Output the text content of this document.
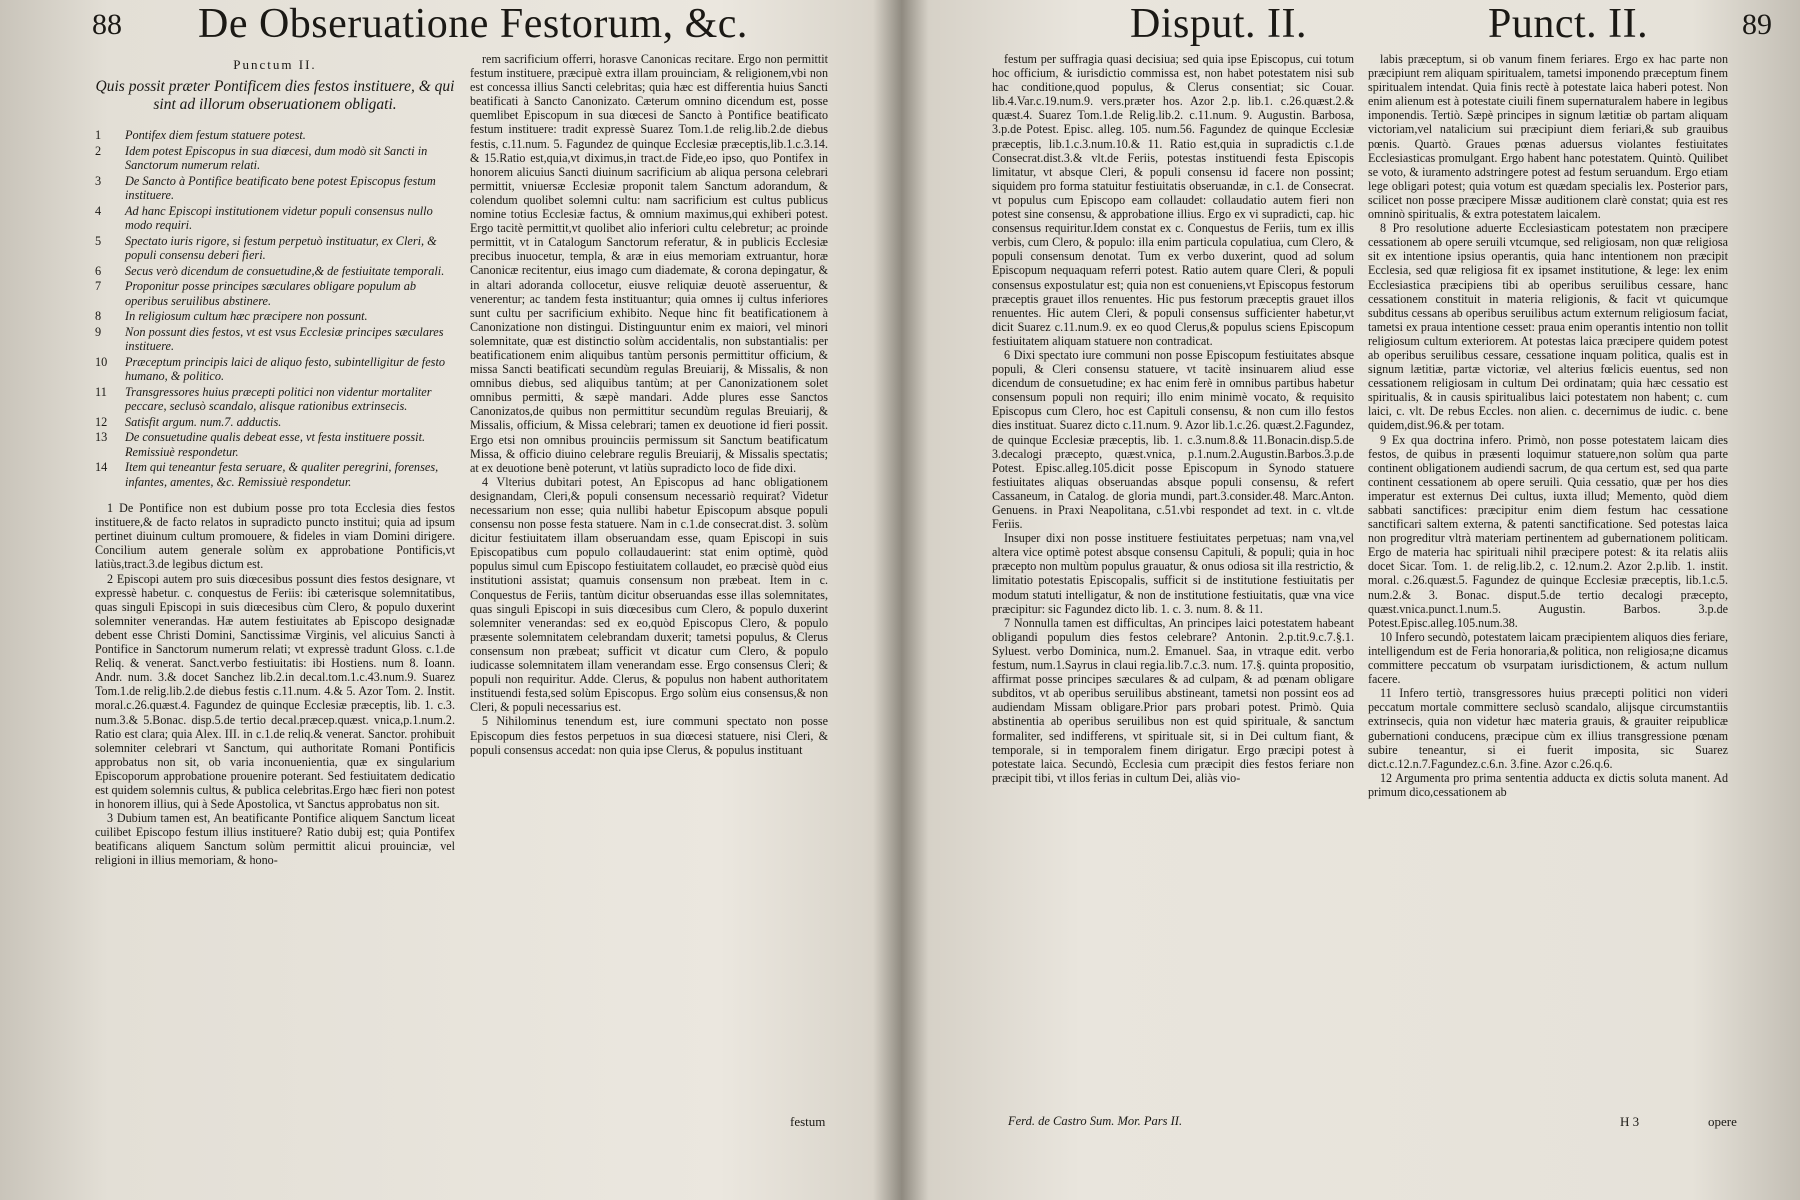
88 De Obseruatione Festorum, &c.
Punctum II.
Quis possit præter Pontificem dies festos instituere, & qui sint ad illorum obseruationem obligati.
1	Pontifex diem festum statuere potest.
2	Idem potest Episcopus in sua diœcesi, dum modò sit Sancti in Sanctorum numerum relati.
3	De Sancto à Pontifice beatificato bene potest Episcopus festum instituere.
4	Ad hanc Episcopi institutionem videtur populi consensus nullo modo requiri.
5	Spectato iuris rigore, si festum perpetuò instituatur, ex Cleri, & populi consensu deberi fieri.
6	Secus verò dicendum de consuetudine,& de festiuitate temporali.
7	Proponitur posse principes sæculares obligare populum ab operibus seruilibus abstinere.
8	In religiosum cultum hæc præcipere non possunt.
9	Non possunt dies festos, vt est vsus Ecclesiæ principes sæculares instituere.
10	Præceptum principis laici de aliquo festo, subintelligitur de festo humano, & politico.
11	Transgressores huius præcepti politici non videntur mortaliter peccare, seclusò scandalo, alisque rationibus extrinsecis.
12	Satisfit argum. num.7. adductis.
13	De consuetudine qualis debeat esse, vt festa instituere possit. Remissiuè respondetur.
14	Item qui teneantur festa seruare, & qualiter peregrini, forenses, infantes, amentes, &c. Remissiuè respondetur.

1 De Pontifice non est dubium posse pro tota Ecclesia dies festos instituere,& de facto relatos in supradicto puncto institui; quia ad ipsum pertinet diuinum cultum promouere, & fideles in viam Domini dirigere. Concilium autem generale solùm ex approbatione Pontificis,vt latiùs,tract.3.de legibus dictum est.

2 Episcopi autem pro suis diœcesibus possunt dies festos designare, vt expressè habetur. c. conquestus de Feriis: ibi cæterisque solemnitatibus, quas singuli Episcopi in suis diœcesibus cùm Clero, & populo duxerint solemniter venerandas. Hæ autem festiuitates ab Episcopo designadæ debent esse Christi Domini, Sanctissimæ Virginis, vel alicuius Sancti à Pontifice in Sanctorum numerum relati; vt expressè tradunt Gloss. c.1.de Reliq. & venerat. Sanct.verbo festiuitatis: ibi Hostiens. num 8. Ioann. Andr. num. 3.& docet Sanchez lib.2.in decal.tom.1.c.43.num.9. Suarez Tom.1.de relig.lib.2.de diebus festis c.11.num. 4.& 5. Azor Tom. 2. Instit. moral.c.26.quæst.4. Fagundez de quinque Ecclesiæ præceptis, lib. 1. c.3. num.3.& 5.Bonac. disp.5.de tertio decal.præcep.quæst. vnica,p.1.num.2. Ratio est clara; quia Alex. III. in c.1.de reliq.& venerat. Sanctor. prohibuit solemniter celebrari vt Sanctum, qui authoritate Romani Pontificis approbatus non sit, ob varia inconuenientia, quæ ex singularium Episcoporum approbatione prouenire poterant. Sed festiuitatem dedicatio est quidem solemnis cultus, & publica celebritas.Ergo hæc fieri non potest in honorem illius, qui à Sede Apostolica, vt Sanctus approbatus non sit.

3 Dubium tamen est, An beatificante Pontifice aliquem Sanctum liceat cuilibet Episcopo festum illius instituere? Ratio dubij est; quia Pontifex beatificans aliquem Sanctum solùm permittit alicui prouinciæ, vel religioni in illius memoriam, & hono-

rem sacrificium offerri, horasve Canonicas recitare. Ergo non permittit festum instituere, præcipuè extra illam prouinciam, & religionem,vbi non est concessa illius Sancti celebritas; quia hæc est differentia huius Sancti beatificati à Sancto Canonizato. Cæterum omnino dicendum est, posse quemlibet Episcopum in sua diœcesi de Sancto à Pontifice beatificato festum instituere: tradit expressè Suarez Tom.1.de relig.lib.2.de diebus festis, c.11.num. 5. Fagundez de quinque Ecclesiæ præceptis,lib.1.c.3.14. & 15.Ratio est,quia,vt diximus,in tract.de Fide,eo ipso, quo Pontifex in honorem alicuius Sancti diuinum sacrificium ab aliqua persona celebrari permittit, vniuersæ Ecclesiæ proponit talem Sanctum adorandum, & colendum quolibet solemni cultu: nam sacrificium est cultus publicus nomine totius Ecclesiæ factus, & omnium maximus,qui exhiberi potest. Ergo tacitè permittit,vt quolibet alio inferiori cultu celebretur; ac proinde permittit, vt in Catalogum Sanctorum referatur, & in publicis Ecclesiæ precibus inuocetur, templa, & aræ in eius memoriam extruantur, horæ Canonicæ recitentur, eius imago cum diademate, & corona depingatur, & in altari adoranda collocetur, eiusve reliquiæ deuotè asseruentur, & venerentur; ac tandem festa instituantur; quia omnes ij cultus inferiores sunt cultu per sacrificium exhibito. Neque hinc fit beatificationem à Canonizatione non distingui. Distinguuntur enim ex maiori, vel minori solemnitate, quæ est distinctio solùm accidentalis, non substantialis: per beatificationem enim aliquibus tantùm personis permittitur officium, & missa Sancti beatificati secundùm regulas Breuiarij, & Missalis, & non omnibus diebus, sed aliquibus tantùm; at per Canonizationem solet omnibus permitti, & sæpè mandari. Adde plures esse Sanctos Canonizatos,de quibus non permittitur secundùm regulas Breuiarij, & Missalis, officium, & Missa celebrari; tamen ex deuotione id fieri possit. Ergo etsi non omnibus prouinciis permissum sit Sanctum beatificatum Missa, & officio diuino celebrare regulis Breuiarij, & Missalis spectatis; at ex deuotione benè poterunt, vt latiùs supradicto loco de fide dixi.

4 Vlterius dubitari potest, An Episcopus ad hanc obligationem designandam, Cleri,& populi consensum necessariò requirat? Videtur necessarium non esse; quia nullibi habetur Episcopum absque populi consensu non posse festa statuere. Nam in c.1.de consecrat.dist. 3. solùm dicitur festiuitatem illam obseruandam esse, quam Episcopi in suis Episcopatibus cum populo collaudauerint: stat enim optimè, quòd populus simul cum Episcopo festiuitatem collaudet, eo præcisè quòd eius institutioni assistat; quamuis consensum non præbeat. Item in c. Conquestus de Feriis, tantùm dicitur obseruandas esse illas solemnitates, quas singuli Episcopi in suis diœcesibus cum Clero, & populo duxerint solemniter venerandas: sed ex eo,quòd Episcopus Clero, & populo præsente solemnitatem celebrandam duxerit; tametsi populus, & Clerus consensum non præbeat; sufficit vt dicatur cum Clero, & populo iudicasse solemnitatem illam venerandam esse. Ergo consensus Cleri; & populi non requiritur. Adde. Clerus, & populus non habent authoritatem instituendi festa,sed solùm Episcopus. Ergo solùm eius consensus,& non Cleri, & populi necessarius est.

5 Nihilominus tenendum est, iure communi spectato non posse Episcopum dies festos perpetuos in sua diœcesi statuere, nisi Cleri, & populi consensus accedat: non quia ipse Clerus, & populus instituant

festum
Disput. II.	Punct. II.	89

festum per suffragia quasi decisiua; sed quia ipse Episcopus, cui totum hoc officium, & iurisdictio commissa est, non habet potestatem nisi sub hac conditione,quod populus, & Clerus consentiat; sic Couar. lib.4.Var.c.19.num.9. vers.præter hos. Azor 2.p. lib.1. c.26.quæst.2.& quæst.4. Suarez Tom.1.de Relig.lib.2. c.11.num. 9. Augustin. Barbosa, 3.p.de Potest. Episc. alleg. 105. num.56. Fagundez de quinque Ecclesiæ præceptis, lib.1.c.3.num.10.& 11. Ratio est,quia in supradictis c.1.de Consecrat.dist.3.& vlt.de Feriis, potestas instituendi festa Episcopis limitatur, vt absque Cleri, & populi consensu id facere non possint; siquidem pro forma statuitur festiuitatis obseruandæ, in c.1. de Consecrat. vt populus cum Episcopo eam collaudet: collaudatio autem fieri non potest sine consensu, & approbatione illius. Ergo ex vi supradicti, cap. hic consensus requiritur.Idem constat ex c. Conquestus de Feriis, tum ex illis verbis, cum Clero, & populo: illa enim particula copulatiua, cum Clero, & populi consensum denotat. Tum ex verbo duxerint, quod ad solum Episcopum nequaquam referri potest. Ratio autem quare Cleri, & populi consensus expostulatur est; quia non est conueniens,vt Episcopus festorum præceptis grauet illos renuentes. Hic pus festorum præceptis grauet illos renuentes. Hic autem Cleri, & populi consensus sufficienter habetur,vt dicit Suarez c.11.num.9. ex eo quod Clerus,& populus sciens Episcopum festiuitatem aliquam statuere non contradicat.

6 Dixi spectato iure communi non posse Episcopum festiuitates absque populi, & Cleri consensu statuere, vt tacitè insinuarem aliud esse dicendum de consuetudine; ex hac enim ferè in omnibus partibus habetur consensum populi non requiri; illo enim minimè vocato, & requisito Episcopus cum Clero, hoc est Capituli consensu, & non cum illo festos dies instituat. Suarez dicto c.11.num. 9. Azor lib.1.c.26. quæst.2.Fagundez, de quinque Ecclesiæ præceptis, lib. 1. c.3.num.8.& 11.Bonacin.disp.5.de 3.decalogi præcepto, quæst.vnica, p.1.num.2.Augustin.Barbos.3.p.de Potest. Episc.alleg.105.dicit posse Episcopum in Synodo statuere festiuitates aliquas obseruandas absque populi consensu, & refert Cassaneum, in Catalog. de gloria mundi, part.3.consider.48. Marc.Anton. Genuens. in Praxi Neapolitana, c.51.vbi respondet ad text. in c. vlt.de Feriis.

Insuper dixi non posse instituere festiuitates perpetuas; nam vna,vel altera vice optimè potest absque consensu Capituli, & populi; quia in hoc præcepto non multùm populus grauatur, & onus odiosa sit illa restrictio, & limitatio potestatis Episcopalis, sufficit si de institutione festiuitatis per modum statuti intelligatur, & non de institutione festiuitatis, quæ vna vice præcipitur: sic Fagundez dicto lib. 1. c. 3. num. 8. & 11.

7 Nonnulla tamen est difficultas, An principes laici potestatem habeant obligandi populum dies festos celebrare? Antonin. 2.p.tit.9.c.7.§.1. Syluest. verbo Dominica, num.2. Emanuel. Saa, in vtraque edit. verbo festum, num.1.Sayrus in claui regia.lib.7.c.3. num. 17.§. quinta propositio, affirmat posse principes sæculares & ad culpam, & ad pœnam obligare subditos, vt ab operibus seruilibus abstineant, tametsi non possint eos ad audiendam Missam obligare.Prior pars probari potest. Primò. Quia abstinentia ab operibus seruilibus non est quid spirituale, & sanctum formaliter, sed indifferens, vt spirituale sit, si in Dei cultum fiant, & temporale, si in temporalem finem dirigatur. Ergo præcipi potest à potestate laica. Secundò, Ecclesia cum præcipit dies festos feriare non præcipit tibi, vt illos ferias in cultum Dei, aliàs vio-

labis præceptum, si ob vanum finem feriares. Ergo ex hac parte non præcipiunt rem aliquam spiritualem, tametsi imponendo præceptum finem spiritualem intendat. Quia finis rectè à potestate laica haberi potest. Non enim alienum est à potestate ciuili finem supernaturalem habere in legibus imponendis. Tertiò. Sæpè principes in signum lætitiæ ob partam aliquam victoriam,vel natalicium sui præcipiunt diem feriari,& sub grauibus pœnis. Quartò. Graues pœnas aduersus violantes festiuitates Ecclesiasticas promulgant. Ergo habent hanc potestatem. Quintò. Quilibet se voto, & iuramento adstringere potest ad festum seruandum. Ergo etiam lege obligari potest; quia votum est quædam specialis lex. Posterior pars, scilicet non posse præcipere Missæ auditionem clarè constat; quia est res omninò spiritualis, & extra potestatem laicalem.

8 Pro resolutione aduerte Ecclesiasticam potestatem non præcipere cessationem ab opere seruili vtcumque, sed religiosam, non quæ religiosa sit ex intentione ipsius operantis, quia hanc intentionem non præcipit Ecclesia, sed quæ religiosa fit ex ipsamet institutione, & lege: lex enim Ecclesiastica præcipiens tibi ab operibus seruilibus cessare, hanc cessationem constituit in materia religionis, & facit vt quicumque subditus cessans ab operibus seruilibus actum externum religiosum faciat, tametsi ex praua intentione cesset: praua enim operantis intentio non tollit religiosum cultum exteriorem. At potestas laica præcipere quidem potest ab operibus seruilibus cessare, cessatione inquam politica, qualis est in signum lætitiæ, partæ victoriæ, vel alterius fœlicis euentus, sed non cessationem religiosam in cultum Dei ordinatam; quia hæc cessatio est spiritualis, & in causis spiritualibus laici potestatem non habent; c. cum laici, c. vlt. De rebus Eccles. non alien. c. decernimus de iudic. c. bene quidem,dist.96.& per totam.

9 Ex qua doctrina infero. Primò, non posse potestatem laicam dies festos, de quibus in præsenti loquimur statuere,non solùm qua parte continent obligationem audiendi sacrum, de qua certum est, sed qua parte continent cessationem ab opere seruili. Quia cessatio, quæ per hos dies imperatur est externus Dei cultus, iuxta illud; Memento, quòd diem sabbati sanctifices: præcipitur enim diem festum hac cessatione sanctificari saltem externa, & patenti sanctificatione. Sed potestas laica non progreditur vltrà materiam pertinentem ad gubernationem politicam. Ergo de materia hac spirituali nihil præcipere potest: & ita relatis aliis docet Sicar. Tom. 1. de relig.lib.2, c. 12.num.2. Azor 2.p.lib. 1. instit. moral. c.26.quæst.5. Fagundez de quinque Ecclesiæ præceptis, lib.1.c.5. num.2.& 3. Bonac. disput.5.de tertio decalogi præcepto, quæst.vnica.punct.1.num.5. Augustin. Barbos. 3.p.de Potest.Episc.alleg.105.num.38.

10 Infero secundò, potestatem laicam præcipientem aliquos dies feriare, intelligendum est de Feria honoraria,& politica, non religiosa;ne dicamus committere peccatum ob vsurpatam iurisdictionem, & actum nullum facere.

11 Infero tertiò, transgressores huius præcepti politici non videri peccatum mortale committere seclusò scandalo, alijsque circumstantiis extrinsecis, quia non videtur hæc materia grauis, & grauiter reipublicæ gubernationi conducens, præcipue cùm ex illius transgressione pœnam subire teneantur, si ei fuerit imposita, sic Suarez dict.c.12.n.7.Fagundez.c.6.n. 3.fine. Azor c.26.q.6.

12 Argumenta pro prima sententia adducta ex dictis soluta manent. Ad primum dico,cessationem ab

Ferd. de Castro Sum. Mor. Pars II.	H 3	opere
